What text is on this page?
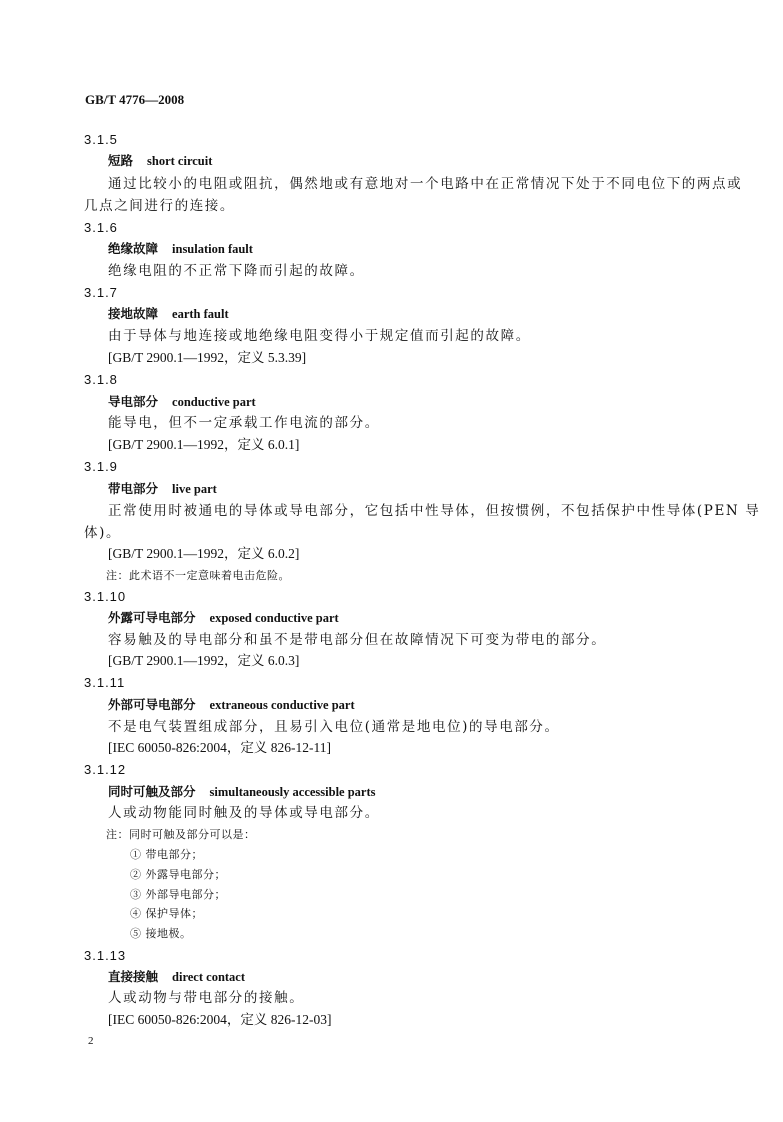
GB/T 4776—2008
3.1.5
短路 short circuit
通过比较小的电阻或阻抗，偶然地或有意地对一个电路中在正常情况下处于不同电位下的两点或
几点之间进行的连接。
3.1.6
绝缘故障 insulation fault
绝缘电阻的不正常下降而引起的故障。
3.1.7
接地故障 earth fault
由于导体与地连接或地绝缘电阻变得小于规定值而引起的故障。
[GB/T 2900.1—1992，定义 5.3.39]
3.1.8
导电部分 conductive part
能导电，但不一定承载工作电流的部分。
[GB/T 2900.1—1992，定义 6.0.1]
3.1.9
带电部分 live part
正常使用时被通电的导体或导电部分，它包括中性导体，但按惯例，不包括保护中性导体(PEN 导
体)。
[GB/T 2900.1—1992，定义 6.0.2]
注：此术语不一定意味着电击危险。
3.1.10
外露可导电部分 exposed conductive part
容易触及的导电部分和虽不是带电部分但在故障情况下可变为带电的部分。
[GB/T 2900.1—1992，定义 6.0.3]
3.1.11
外部可导电部分 extraneous conductive part
不是电气装置组成部分，且易引入电位(通常是地电位)的导电部分。
[IEC 60050-826:2004，定义 826-12-11]
3.1.12
同时可触及部分 simultaneously accessible parts
人或动物能同时触及的导体或导电部分。
注：同时可触及部分可以是：
① 带电部分；
② 外露导电部分；
③ 外部导电部分；
④ 保护导体；
⑤ 接地极。
3.1.13
直接接触 direct contact
人或动物与带电部分的接触。
[IEC 60050-826:2004，定义 826-12-03]
2
